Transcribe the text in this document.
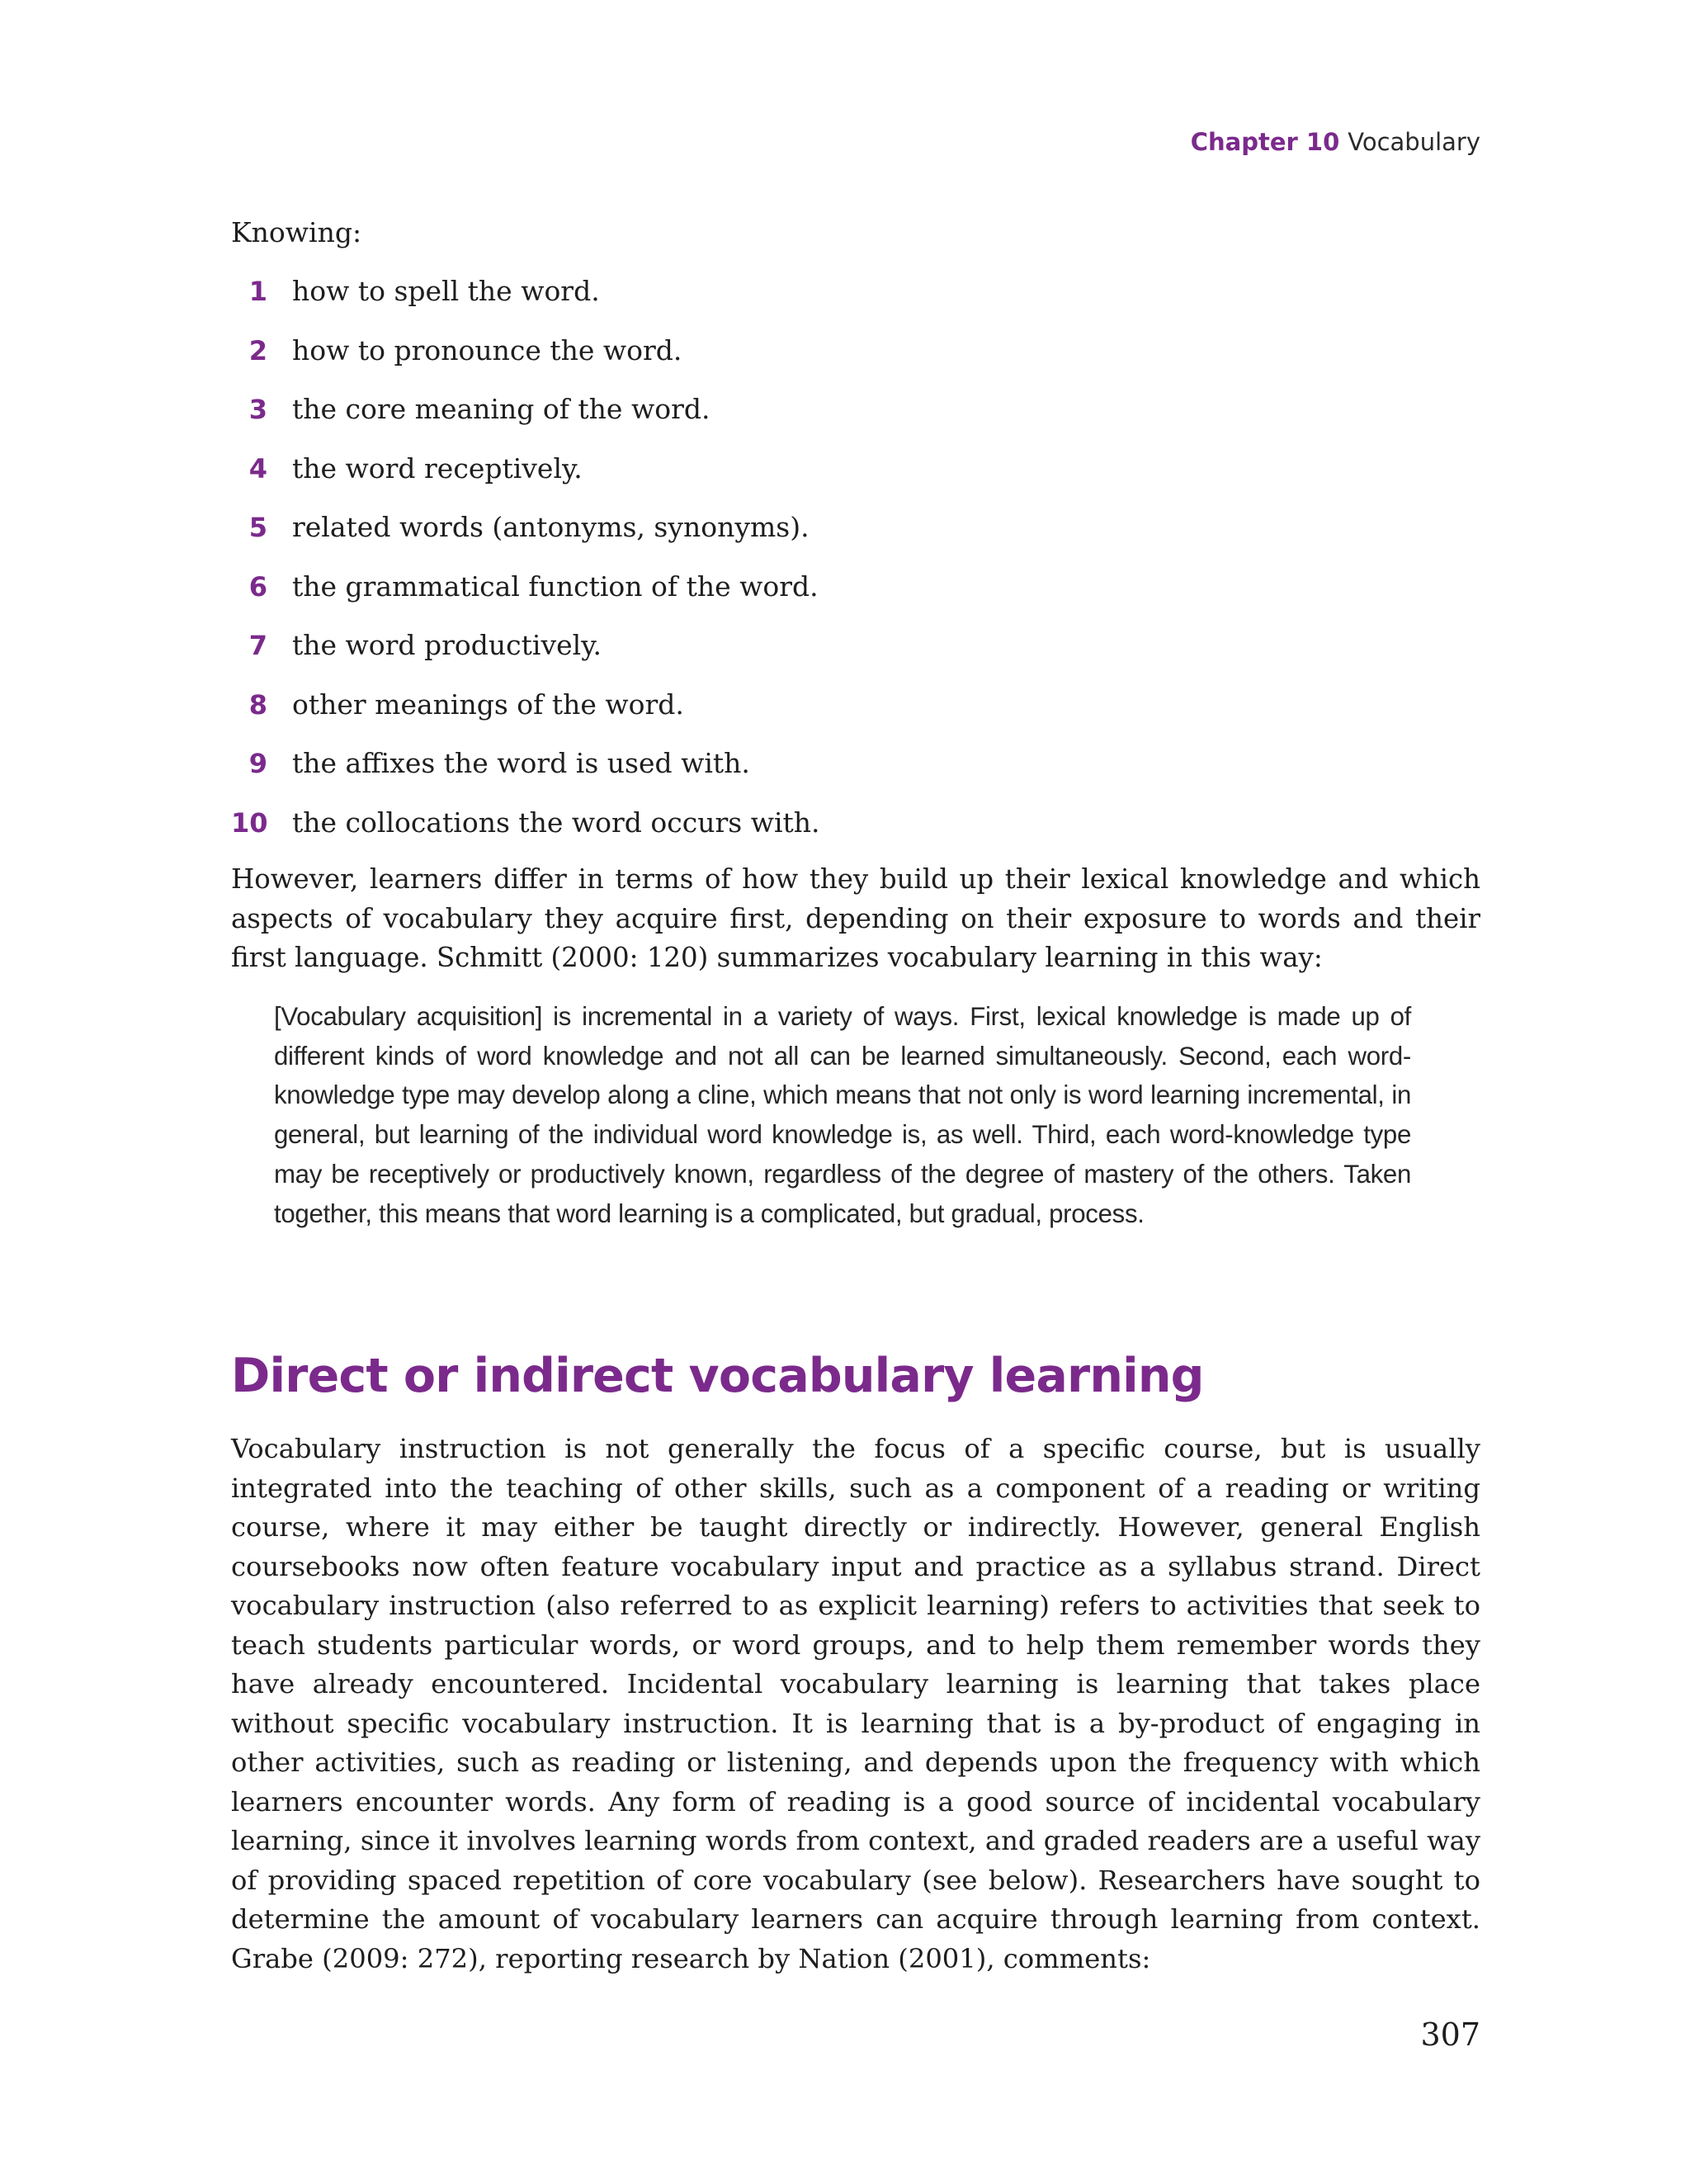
Chapter 10 Vocabulary
Knowing:
1 how to spell the word.
2 how to pronounce the word.
3 the core meaning of the word.
4 the word receptively.
5 related words (antonyms, synonyms).
6 the grammatical function of the word.
7 the word productively.
8 other meanings of the word.
9 the affixes the word is used with.
10 the collocations the word occurs with.

However, learners differ in terms of how they build up their lexical knowledge and which aspects of vocabulary they acquire first, depending on their exposure to words and their first language. Schmitt (2000: 120) summarizes vocabulary learning in this way:

[Vocabulary acquisition] is incremental in a variety of ways. First, lexical knowledge is made up of different kinds of word knowledge and not all can be learned simultaneously. Second, each word-knowledge type may develop along a cline, which means that not only is word learning incremental, in general, but learning of the individual word knowledge is, as well. Third, each word-knowledge type may be receptively or productively known, regardless of the degree of mastery of the others. Taken together, this means that word learning is a complicated, but gradual, process.
Direct or indirect vocabulary learning

Vocabulary instruction is not generally the focus of a specific course, but is usually integrated into the teaching of other skills, such as a component of a reading or writing course, where it may either be taught directly or indirectly. However, general English coursebooks now often feature vocabulary input and practice as a syllabus strand. Direct vocabulary instruction (also referred to as explicit learning) refers to activities that seek to teach students particular words, or word groups, and to help them remember words they have already encountered. Incidental vocabulary learning is learning that takes place without specific vocabulary instruction. It is learning that is a by-product of engaging in other activities, such as reading or listening, and depends upon the frequency with which learners encounter words. Any form of reading is a good source of incidental vocabulary learning, since it involves learning words from context, and graded readers are a useful way of providing spaced repetition of core vocabulary (see below). Researchers have sought to determine the amount of vocabulary learners can acquire through learning from context. Grabe (2009: 272), reporting research by Nation (2001), comments:

307
